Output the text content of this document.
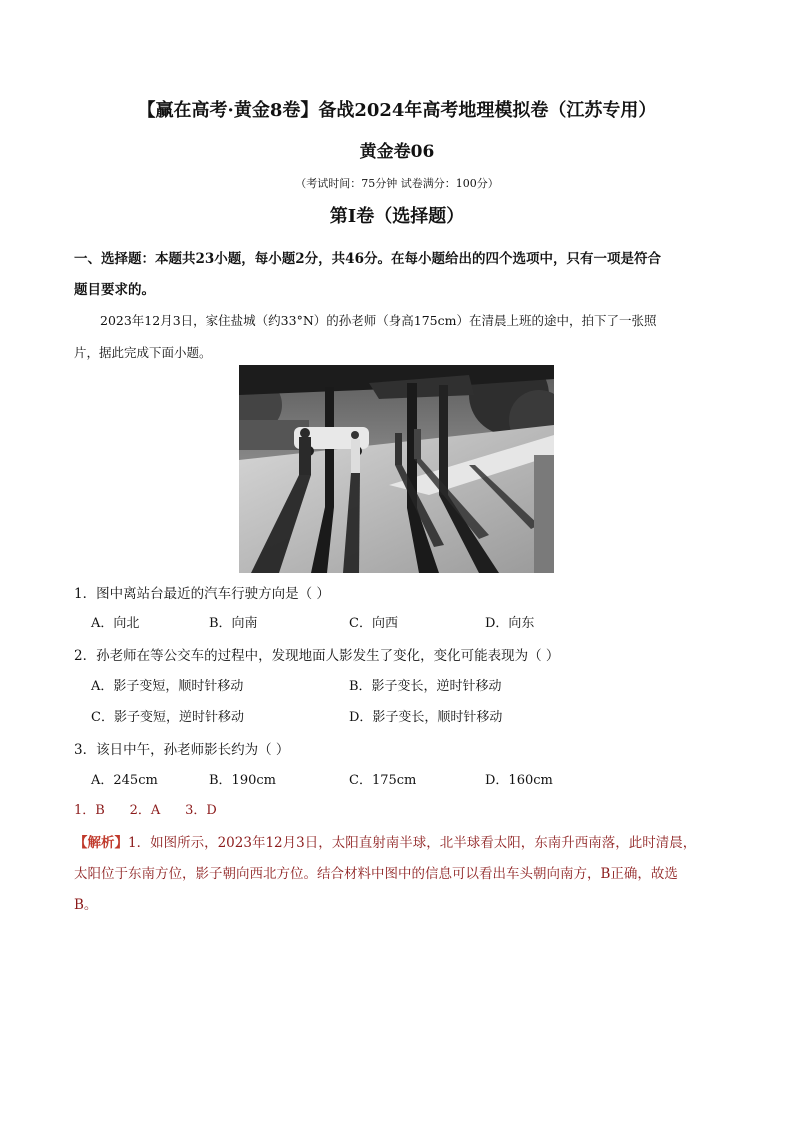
【赢在高考·黄金8卷】备战2024年高考地理模拟卷（江苏专用）
黄金卷06
（考试时间：75分钟 试卷满分：100分）
第I卷（选择题）
一、选择题：本题共23小题，每小题2分，共46分。在每小题给出的四个选项中，只有一项是符合
题目要求的。
2023年12月3日，家住盐城（约33°N）的孙老师（身高175cm）在清晨上班的途中，拍下了一张照
片，据此完成下面小题。
1．图中离站台最近的汽车行驶方向是（ ）
A．向北	B．向南	C．向西	D．向东
2．孙老师在等公交车的过程中，发现地面人影发生了变化，变化可能表现为（ ）
A．影子变短，顺时针移动	B．影子变长，逆时针移动
C．影子变短，逆时针移动	D．影子变长，顺时针移动
3．该日中午，孙老师影长约为（ ）
A．245cm	B．190cm	C．175cm	D．160cm
1．B      2．A      3．D
【解析】1．如图所示，2023年12月3日，太阳直射南半球，北半球看太阳，东南升西南落，此时清晨，
太阳位于东南方位，影子朝向西北方位。结合材料中图中的信息可以看出车头朝向南方，B正确，故选
B。
